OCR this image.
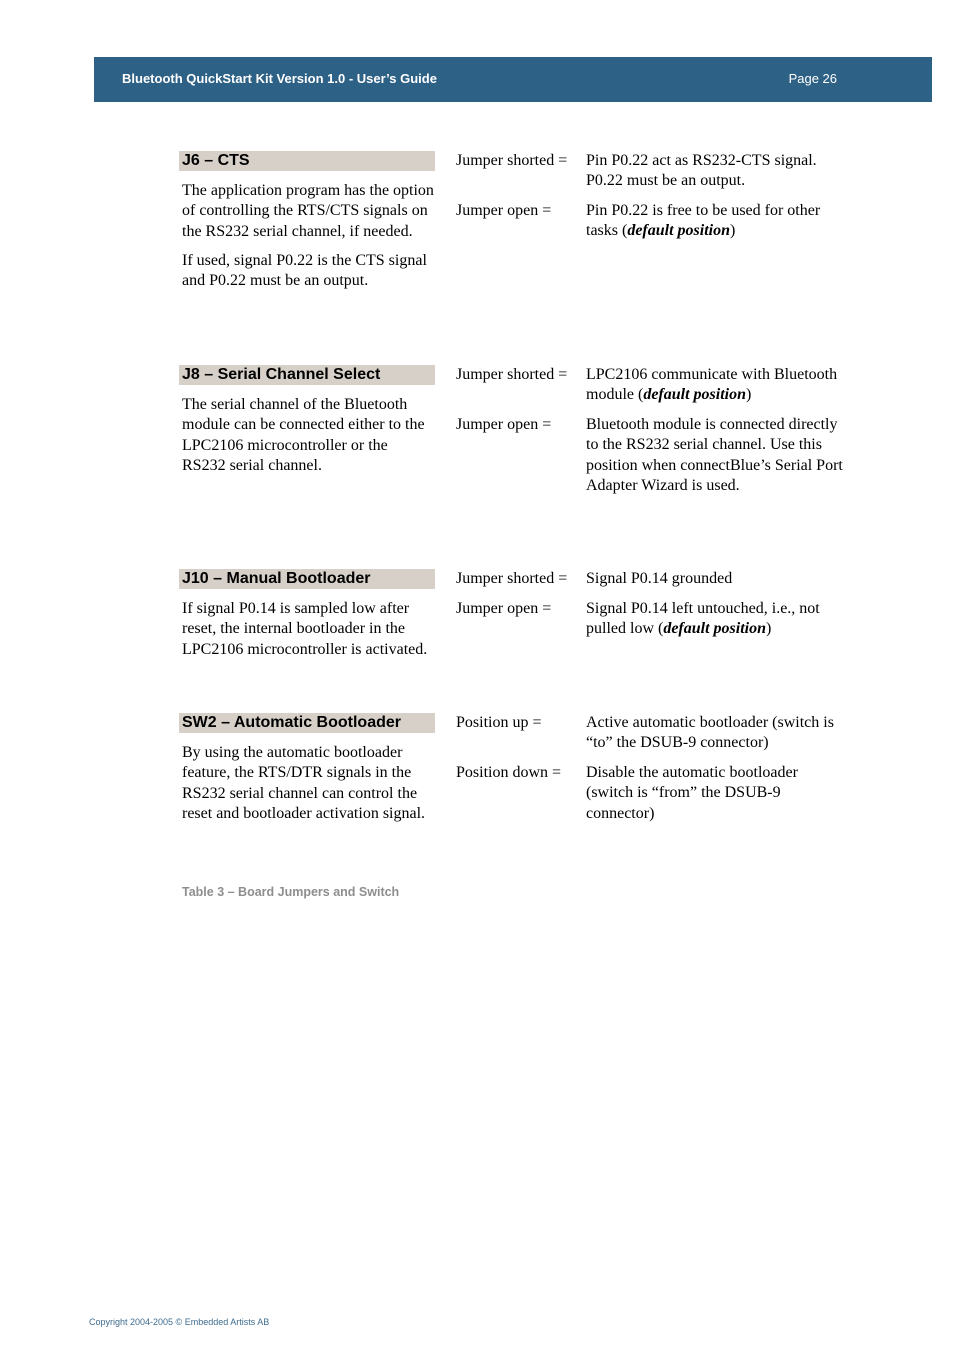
Bluetooth QuickStart Kit Version 1.0 - User’s Guide	Page 26
J6 – CTS

The application program has the option of controlling the RTS/CTS signals on the RS232 serial channel, if needed.

If used, signal P0.22 is the CTS signal and P0.22 must be an output.

Jumper shorted =	Pin P0.22 act as RS232-CTS signal. P0.22 must be an output.
Jumper open =	Pin P0.22 is free to be used for other tasks (default position)
J8 – Serial Channel Select

The serial channel of the Bluetooth module can be connected either to the LPC2106 microcontroller or the RS232 serial channel.

Jumper shorted =	LPC2106 communicate with Bluetooth module (default position)
Jumper open =	Bluetooth module is connected directly to the RS232 serial channel. Use this position when connectBlue’s Serial Port Adapter Wizard is used.
J10 – Manual Bootloader

If signal P0.14 is sampled low after reset, the internal bootloader in the LPC2106 microcontroller is activated.

Jumper shorted =	Signal P0.14 grounded
Jumper open =	Signal P0.14 left untouched, i.e., not pulled low (default position)
SW2 – Automatic Bootloader

By using the automatic bootloader feature, the RTS/DTR signals in the RS232 serial channel can control the reset and bootloader activation signal.

Position up =	Active automatic bootloader (switch is “to” the DSUB-9 connector)
Position down =	Disable the automatic bootloader (switch is “from” the DSUB-9 connector)
Table 3 – Board Jumpers and Switch
Copyright 2004-2005 © Embedded Artists AB
